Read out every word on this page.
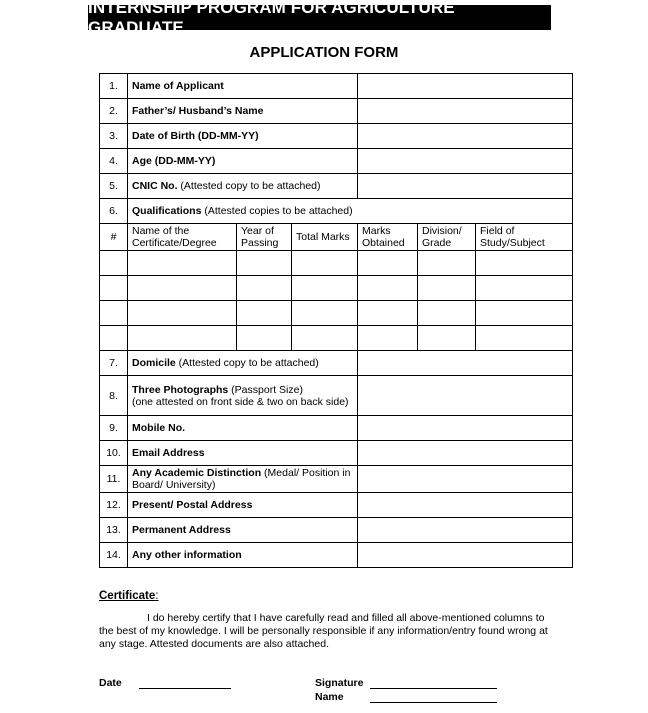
INTERNSHIP PROGRAM FOR AGRICULTURE GRADUATE
APPLICATION FORM
1.	Name of Applicant					
2.	Father’s/ Husband’s Name					
3.	Date of Birth (DD-MM-YY)					
4.	Age (DD-MM-YY)					
5.	CNIC No. (Attested copy to be attached)					
6.	Qualifications (Attested copies to be attached)					
#	Name of the Certificate/Degree	Year of Passing	Total Marks	Marks Obtained	Division/ Grade	Field of Study/Subject

7.	Domicile (Attested copy to be attached)					
8.	Three Photographs (Passport Size)
(one attested on front side & two on back side)					
9.	Mobile No.					
10.	Email Address					
11.	Any Academic Distinction (Medal/ Position in Board/ University)					
12.	Present/ Postal Address					
13.	Permanent Address					
14.	Any other information					
Certificate:
I do hereby certify that I have carefully read and filled all above-mentioned columns to the best of my knowledge. I will be personally responsible if any information/entry found wrong at any stage. Attested documents are also attached.
Date	Signature
Name
